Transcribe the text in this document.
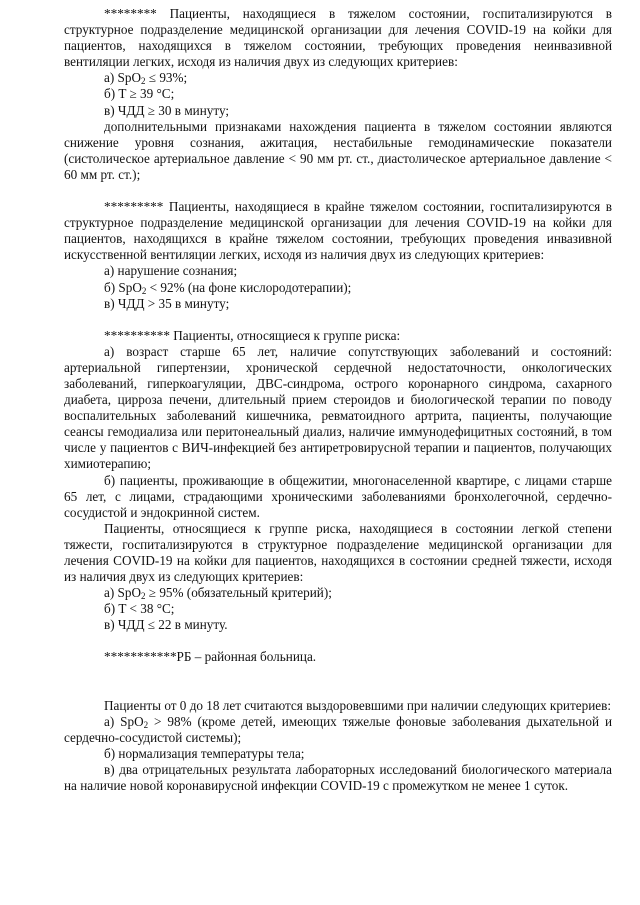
******** Пациенты, находящиеся в тяжелом состоянии, госпитализируются в структурное подразделение медицинской организации для лечения COVID-19 на койки для пациентов, находящихся в тяжелом состоянии, требующих проведения неинвазивной вентиляции легких, исходя из наличия двух из следующих критериев:

а) SpO$_2$ ≤ 93%;

б) T ≥ 39 °C;

в) ЧДД ≥ 30 в минуту;

дополнительными признаками нахождения пациента в тяжелом состоянии являются снижение уровня сознания, ажитация, нестабильные гемодинамические показатели (систолическое артериальное давление < 90 мм рт. ст., диастолическое артериальное давление < 60 мм рт. ст.);

********* Пациенты, находящиеся в крайне тяжелом состоянии, госпитализируются в структурное подразделение медицинской организации для лечения COVID-19 на койки для пациентов, находящихся в крайне тяжелом состоянии, требующих проведения инвазивной искусственной вентиляции легких, исходя из наличия двух из следующих критериев:

а) нарушение сознания;

б) SpO$_2$ < 92% (на фоне кислородотерапии);

в) ЧДД > 35 в минуту;

********** Пациенты, относящиеся к группе риска:

а) возраст старше 65 лет, наличие сопутствующих заболеваний и состояний: артериальной гипертензии, хронической сердечной недостаточности, онкологических заболеваний, гиперкоагуляции, ДВС-синдрома, острого коронарного синдрома, сахарного диабета, цирроза печени, длительный прием стероидов и биологической терапии по поводу воспалительных заболеваний кишечника, ревматоидного артрита, пациенты, получающие сеансы гемодиализа или перитонеальный диализ, наличие иммунодефицитных состояний, в том числе у пациентов с ВИЧ-инфекцией без антиретровирусной терапии и пациентов, получающих химиотерапию;

б) пациенты, проживающие в общежитии, многонаселенной квартире, с лицами старше 65 лет, с лицами, страдающими хроническими заболеваниями бронхолегочной, сердечно-сосудистой и эндокринной систем.

Пациенты, относящиеся к группе риска, находящиеся в состоянии легкой степени тяжести, госпитализируются в структурное подразделение медицинской организации для лечения COVID-19 на койки для пациентов, находящихся в состоянии средней тяжести, исходя из наличия двух из следующих критериев:

а) SpO$_2$ ≥ 95% (обязательный критерий);

б) T < 38 °C;

в) ЧДД ≤ 22 в минуту.

***********РБ – районная больница.

Пациенты от 0 до 18 лет считаются выздоровевшими при наличии следующих критериев:

а) SpO$_2$ > 98% (кроме детей, имеющих тяжелые фоновые заболевания дыхательной и сердечно-сосудистой системы);

б) нормализация температуры тела;

в) два отрицательных результата лабораторных исследований биологического материала на наличие новой коронавирусной инфекции COVID-19 с промежутком не менее 1 суток.
